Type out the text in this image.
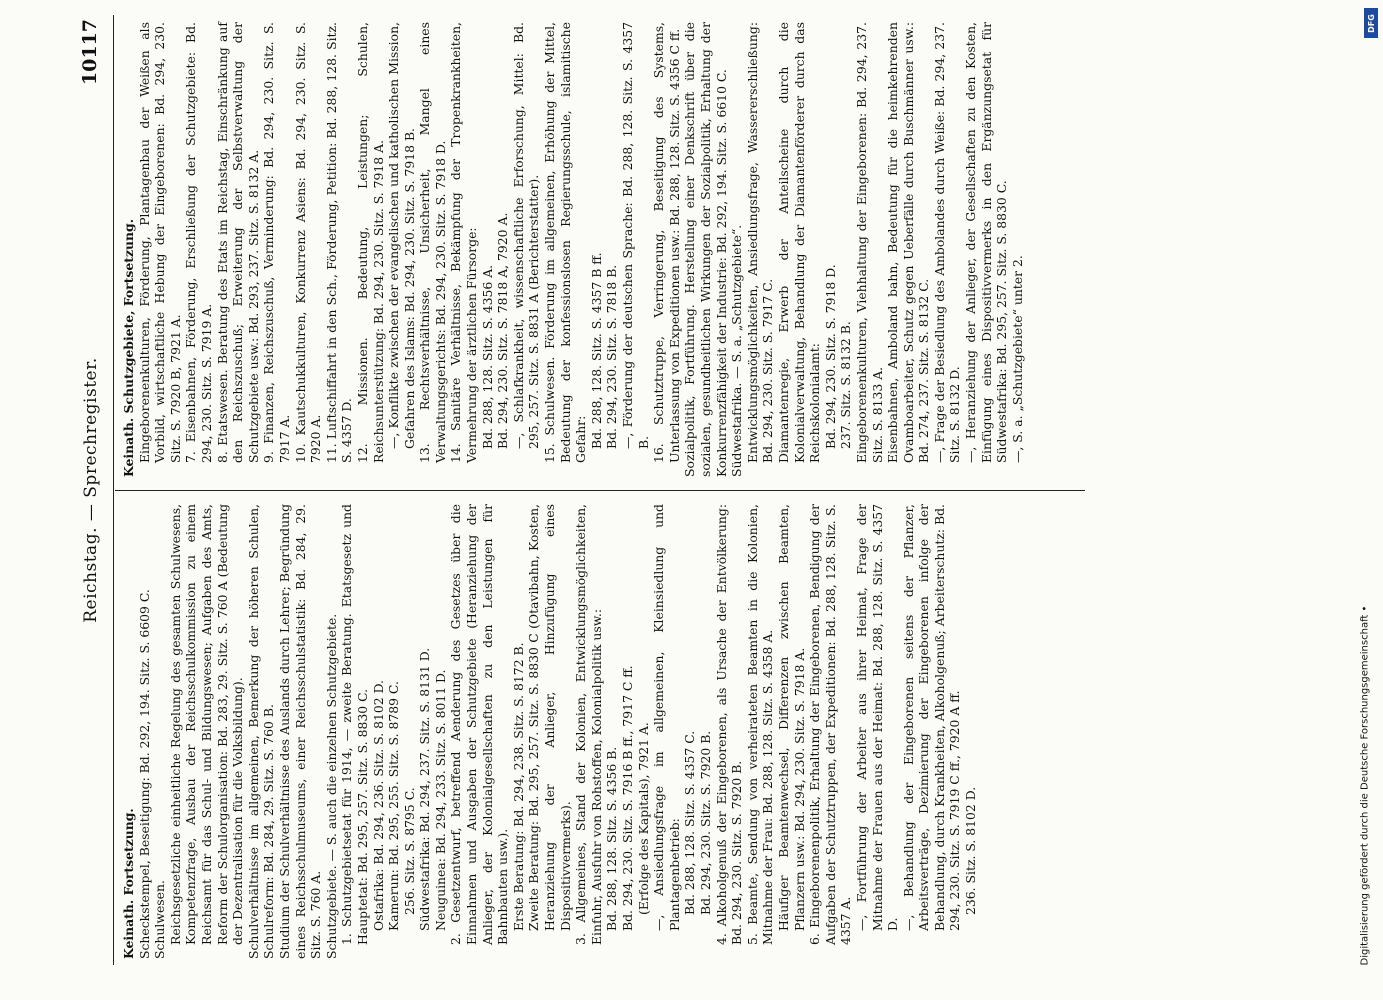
Reichstag. — Sprechregister.
10117

Keinath. Fortsetzung. Scheckstempel, Beseitigung: Bd. 292, 194. Sitz. S. 6609 C. Schulwesen. Reichsgesetzliche einheitliche Regelung des gesamten Schulwesens, Kompetenzfrage, Ausbau der Reichsschulkommission zu einem Reichsamt für das Schul- und Bildungswesen; Aufgaben des Amts, Reform der Schulorganisation: Bd. 283, 29. Sitz. S. 760 A (Bedeutung der Dezentralisation für die Volksbildung). Schulverhältnisse im allgemeinen, Bemerkung der höheren Schulen, Schulreform: Bd. 284, 29. Sitz. S. 760 B. Studium der Schulverhältnisse des Auslands durch Lehrer; Begründung eines Reichsschulmuseums, einer Reichsschulstatistik: Bd. 284, 29. Sitz. S. 760 A. Schutzgebiete. — S. auch die einzelnen Schutzgebiete. 1. Schutzgebietsetat für 1914, — zweite Beratung. Etatsgesetz und Hauptetat: Bd. 295, 257. Sitz. S. 8830 C. Ostafrika: Bd. 294, 236. Sitz. S. 8102 D. Kamerun: Bd. 295, 255. Sitz. S. 8789 C. 256. Sitz. S. 8795 C. Südwestafrika: Bd. 294, 237. Sitz. S. 8131 D. Neuguinea: Bd. 294, 233. Sitz. S. 8011 D. 2. Gesetzentwurf, betreffend Aenderung des Gesetzes über die Einnahmen und Ausgaben der Schutzgebiete (Heranziehung der Anlieger, der Kolonialgesellschaften zu den Leistungen für Bahnbauten usw.). Erste Beratung: Bd. 294, 238. Sitz. S. 8172 B. Zweite Beratung: Bd. 295, 257. Sitz. S. 8830 C (Otavibahn, Kosten, Heranziehung der Anlieger, Hinzufügung eines Dispositivvermerks). 3. Allgemeines, Stand der Kolonien, Entwicklungsmöglichkeiten, Einfuhr, Ausfuhr von Rohstoffen, Kolonialpolitik usw.: Bd. 288, 128. Sitz. S. 4356 B. Bd. 294, 230. Sitz. S. 7916 B ff., 7917 C ff. (Erfolge des Kapitals), 7921 A. —, Ansiedlungsfrage im allgemeinen, Kleinsiedlung und Plantagenbetrieb: Bd. 288, 128. Sitz. S. 4357 C. Bd. 294, 230. Sitz. S. 7920 B. 4. Alkoholgenuß der Eingeborenen, als Ursache der Entvölkerung: Bd. 294, 230. Sitz. S. 7920 B. 5. Beamte, Sendung von verheirateten Beamten in die Kolonien, Mitnahme der Frau: Bd. 288, 128. Sitz. S. 4358 A. Häufiger Beamtenwechsel, Differenzen zwischen Beamten, Pflanzern usw.: Bd. 294, 230. Sitz. S. 7918 A. 6. Eingeborenenpolitik, Erhaltung der Eingeborenen, Bendigung der Aufgaben der Schutztruppen, der Expeditionen: Bd. 288, 128. Sitz. S. 4357 A. —, Fortführung der Arbeiter aus ihrer Heimat, Frage der Mitnahme der Frauen aus der Heimat: Bd. 288, 128. Sitz. S. 4357 D. —, Behandlung der Eingeborenen seitens der Pflanzer, Arbeitsverträge, Dezimierung der Eingeborenen infolge der Behandlung, durch Krankheiten, Alkoholgenuß; Arbeiterschutz: Bd. 294, 230. Sitz. S. 7919 C ff., 7920 A ff. 236. Sitz. S. 8102 D.

Keinath. Schutzgebiete, Fortsetzung. Eingeborenenkulturen, Förderung, Plantagenbau der Weißen als Vorbild, wirtschaftliche Hebung der Eingeborenen: Bd. 294, 230. Sitz. S. 7920 B, 7921 A. 7. Eisenbahnen, Förderung, Erschließung der Schutzgebiete: Bd. 294, 230. Sitz. S. 7919 A. 8. Etatswesen. Beratung des Etats im Reichstag, Einschränkung auf den Reichszuschuß; Erweiterung der Selbstverwaltung der Schutzgebiete usw.: Bd. 293, 237. Sitz. S. 8132 A. 9. Finanzen, Reichszuschuß, Verminderung: Bd. 294, 230. Sitz. S. 7917 A. 10. Kautschukkulturen, Konkurrenz Asiens: Bd. 294, 230. Sitz. S. 7920 A. 11. Luftschiffahrt in den Sch., Förderung, Petition: Bd. 288, 128. Sitz. S. 4357 D. 12. Missionen. Bedeutung, Leistungen; Schulen, Reichsunterstützung: Bd. 294, 230. Sitz. S. 7918 A. —, Konflikte zwischen der evangelischen und katholischen Mission, Gefahren des Islams: Bd. 294, 230. Sitz. S. 7918 B. 13. Rechtsverhältnisse, Unsicherheit, Mangel eines Verwaltungsgerichts: Bd. 294, 230. Sitz. S. 7918 D. 14. Sanitäre Verhältnisse, Bekämpfung der Tropenkrankheiten, Vermehrung der ärztlichen Fürsorge: Bd. 288, 128. Sitz. S. 4356 A. Bd. 294, 230. Sitz. S. 7818 A, 7920 A. —, Schlafkrankheit, wissenschaftliche Erforschung, Mittel: Bd. 295, 257. Sitz. S. 8831 A (Berichterstatter). 15. Schulwesen. Förderung im allgemeinen, Erhöhung der Mittel, Bedeutung der konfessionslosen Regierungsschule, islamitische Gefahr: Bd. 288, 128. Sitz. S. 4357 B ff. Bd. 294, 230. Sitz. S. 7818 B. —, Förderung der deutschen Sprache: Bd. 288, 128. Sitz. S. 4357 B. 16. Schutztruppe, Verringerung, Beseitigung des Systems, Unterlassung von Expeditionen usw.: Bd. 288, 128. Sitz. S. 4356 C ff. Sozialpolitik, Fortführung. Herstellung einer Denkschrift über die sozialen, gesundheitlichen Wirkungen der Sozialpolitik, Erhaltung der Konkurrenzfähigkeit der Industrie: Bd. 292, 194. Sitz. S. 6610 C. Südwestafrika. — S. a. „Schutzgebiete“. Entwicklungsmöglichkeiten, Ansiedlungsfrage, Wassererschließung: Bd. 294, 230. Sitz. S. 7917 C. Diamantenregie, Erwerb der Anteilscheine durch die Kolonialverwaltung, Behandlung der Diamantenförderer durch das Reichskolonialamt: Bd. 294, 230. Sitz. S. 7918 D. 237. Sitz. S. 8132 B. Eingeborenenkulturen, Viehhaltung der Eingeborenen: Bd. 294, 237. Sitz. S. 8133 A. Eisenbahnen, Amboland bahn, Bedeutung für die heimkehrenden Ovamboarbeiter, Schutz gegen Ueberfälle durch Buschmänner usw.: Bd. 274, 237. Sitz. S. 8132 C. —, Frage der Besiedlung des Ambolandes durch Weiße: Bd. 294, 237. Sitz. S. 8132 D. —, Heranziehung der Anlieger, der Gesellschaften zu den Kosten, Einfügung eines Dispositivvermerks in den Ergänzungsetat für Südwestafrika: Bd. 295, 257. Sitz. S. 8830 C. —, S. a. „Schutzgebiete“ unter 2.

Digitalisierung gefördert durch die Deutsche Forschungsgemeinschaft •
DFG
